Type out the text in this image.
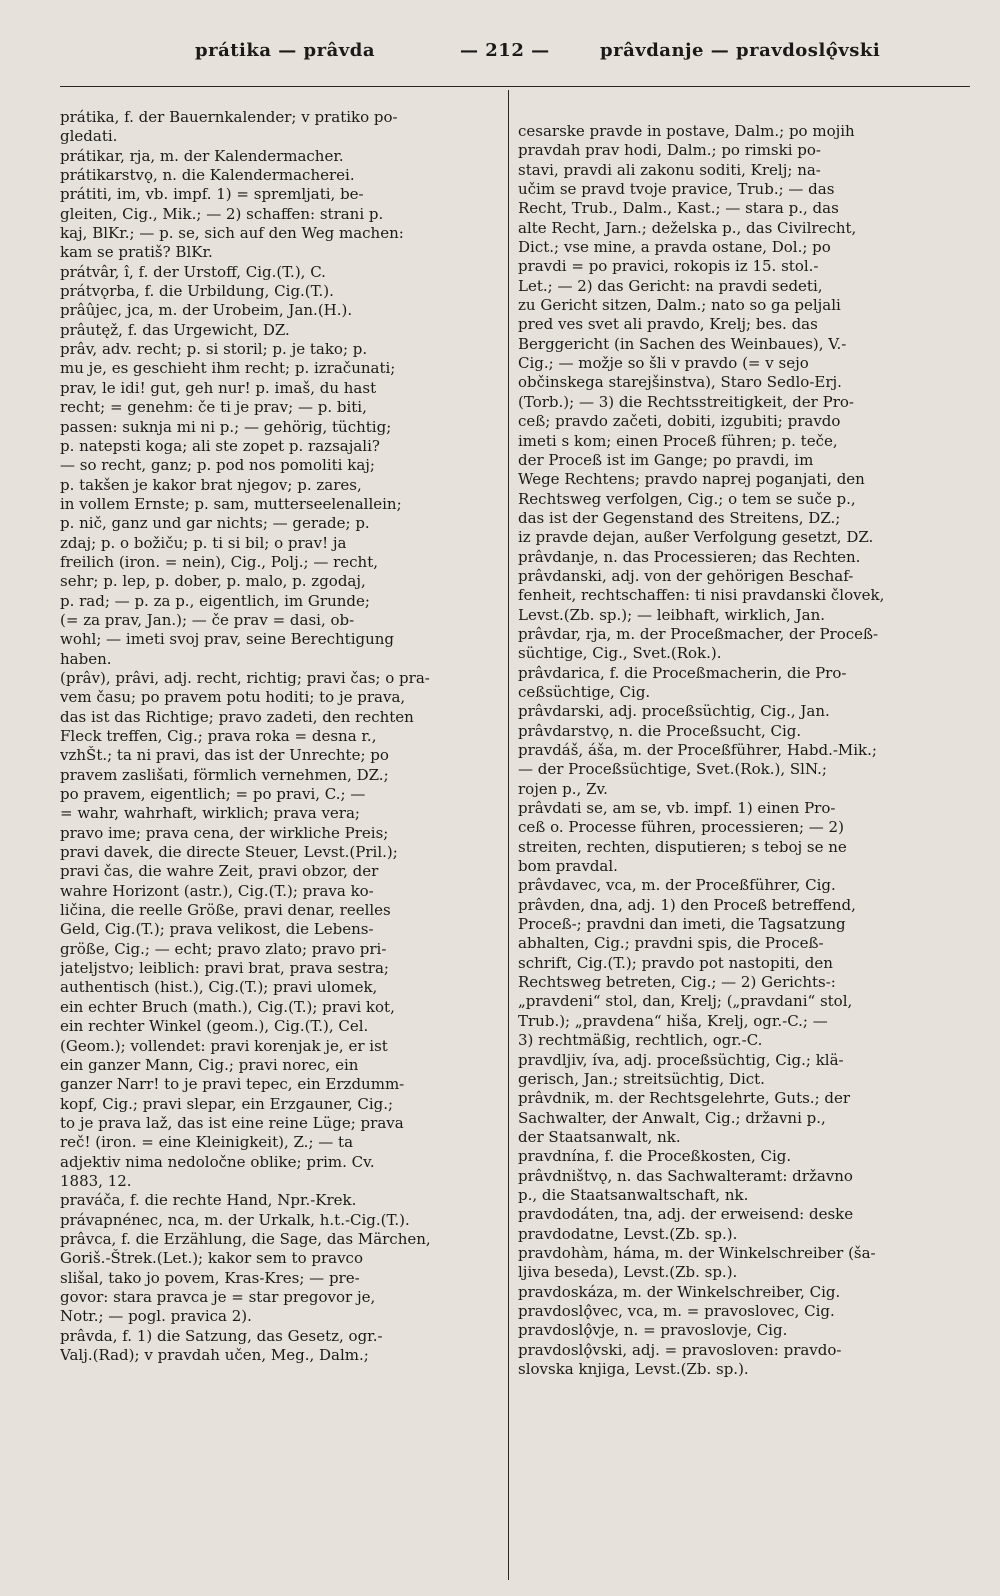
prátika — prâvda	— 212 —	prâvdanje — pravdoslǫ̂vski

prátika, f. der Bauernkalender; v pratiko po-

gledati.

prátikar, rja, m. der Kalendermacher.

prátikarstvǫ, n. die Kalendermacherei.

prátiti, im, vb. impf. 1) = spremljati, be-

gleiten, Cig., Mik.; — 2) schaffen: strani p.

kaj, BlKr.; — p. se, sich auf den Weg machen:

kam se pratiš? BlKr.

prátvâr, î, f. der Urstoff, Cig.(T.), C.

prátvǫrba, f. die Urbildung, Cig.(T.).

prâûjec, jca, m. der Urobeim, Jan.(H.).

prâutęž, f. das Urgewicht, DZ.

prâv, adv. recht; p. si storil; p. je tako; p.

mu je, es geschieht ihm recht; p. izračunati;

prav, le idi! gut, geh nur! p. imaš, du hast

recht; = genehm: če ti je prav; — p. biti,

passen: suknja mi ni p.; — gehörig, tüchtig;

p. natepsti koga; ali ste zopet p. razsajali?

— so recht, ganz; p. pod nos pomoliti kaj;

p. takšen je kakor brat njegov; p. zares,

in vollem Ernste; p. sam, mutterseelenallein;

p. nič, ganz und gar nichts; — gerade; p.

zdaj; p. o božiču; p. ti si bil; o prav! ja

freilich (iron. = nein), Cig., Polj.; — recht,

sehr; p. lep, p. dober, p. malo, p. zgodaj,

p. rad; — p. za p., eigentlich, im Grunde;

(= za prav, Jan.); — če prav = dasi, ob-

wohl; — imeti svoj prav, seine Berechtigung

haben.

(prâv), prâvi, adj. recht, richtig; pravi čas; o pra-

vem času; po pravem potu hoditi; to je prava,

das ist das Richtige; pravo zadeti, den rechten

Fleck treffen, Cig.; prava roka = desna r.,

vzhŠt.; ta ni pravi, das ist der Unrechte; po

pravem zaslišati, förmlich vernehmen, DZ.;

po pravem, eigentlich; = po pravi, C.; —

= wahr, wahrhaft, wirklich; prava vera;

pravo ime; prava cena, der wirkliche Preis;

pravi davek, die directe Steuer, Levst.(Pril.);

pravi čas, die wahre Zeit, pravi obzor, der

wahre Horizont (astr.), Cig.(T.); prava ko-

ličina, die reelle Größe, pravi denar, reelles

Geld, Cig.(T.); prava velikost, die Lebens-

größe, Cig.; — echt; pravo zlato; pravo pri-

jateljstvo; leiblich: pravi brat, prava sestra;

authentisch (hist.), Cig.(T.); pravi ulomek,

ein echter Bruch (math.), Cig.(T.); pravi kot,

ein rechter Winkel (geom.), Cig.(T.), Cel.

(Geom.); vollendet: pravi korenjak je, er ist

ein ganzer Mann, Cig.; pravi norec, ein

ganzer Narr! to je pravi tepec, ein Erzdumm-

kopf, Cig.; pravi slepar, ein Erzgauner, Cig.;

to je prava laž, das ist eine reine Lüge; prava

reč! (iron. = eine Kleinigkeit), Z.; — ta

adjektiv nima nedoločne oblike; prim. Cv.

1883, 12.

praváča, f. die rechte Hand, Npr.-Krek.

právapnénec, nca, m. der Urkalk, h.t.-Cig.(T.).

prâvca, f. die Erzählung, die Sage, das Märchen,

Goriš.-Štrek.(Let.); kakor sem to pravco

slišal, tako jo povem, Kras-Kres; — pre-

govor: stara pravca je = star pregovor je,

Notr.; — pogl. pravica 2).

prâvda, f. 1) die Satzung, das Gesetz, ogr.-

Valj.(Rad); v pravdah učen, Meg., Dalm.;

cesarske pravde in postave, Dalm.; po mojih

pravdah prav hodi, Dalm.; po rimski po-

stavi, pravdi ali zakonu soditi, Krelj; na-

učim se pravd tvoje pravice, Trub.; — das

Recht, Trub., Dalm., Kast.; — stara p., das

alte Recht, Jarn.; deželska p., das Civilrecht,

Dict.; vse mine, a pravda ostane, Dol.; po

pravdi = po pravici, rokopis iz 15. stol.-

Let.; — 2) das Gericht: na pravdi sedeti,

zu Gericht sitzen, Dalm.; nato so ga peljali

pred ves svet ali pravdo, Krelj; bes. das

Berggericht (in Sachen des Weinbaues), V.-

Cig.; — možje so šli v pravdo (= v sejo

občinskega starejšinstva), Staro Sedlo-Erj.

(Torb.); — 3) die Rechtsstreitigkeit, der Pro-

ceß; pravdo začeti, dobiti, izgubiti; pravdo

imeti s kom; einen Proceß führen; p. teče,

der Proceß ist im Gange; po pravdi, im

Wege Rechtens; pravdo naprej poganjati, den

Rechtsweg verfolgen, Cig.; o tem se suče p.,

das ist der Gegenstand des Streitens, DZ.;

iz pravde dejan, außer Verfolgung gesetzt, DZ.

prâvdanje, n. das Processieren; das Rechten.

prâvdanski, adj. von der gehörigen Beschaf-

fenheit, rechtschaffen: ti nisi pravdanski človek,

Levst.(Zb. sp.); — leibhaft, wirklich, Jan.

prâvdar, rja, m. der Proceßmacher, der Proceß-

süchtige, Cig., Svet.(Rok.).

prâvdarica, f. die Proceßmacherin, die Pro-

ceßsüchtige, Cig.

prâvdarski, adj. proceßsüchtig, Cig., Jan.

prâvdarstvǫ, n. die Proceßsucht, Cig.

pravdáš, áša, m. der Proceßführer, Habd.-Mik.;

— der Proceßsüchtige, Svet.(Rok.), SlN.;

rojen p., Zv.

prâvdati se, am se, vb. impf. 1) einen Pro-

ceß o. Processe führen, processieren; — 2)

streiten, rechten, disputieren; s teboj se ne

bom pravdal.

prâvdavec, vca, m. der Proceßführer, Cig.

prâvden, dna, adj. 1) den Proceß betreffend,

Proceß-; pravdni dan imeti, die Tagsatzung

abhalten, Cig.; pravdni spis, die Proceß-

schrift, Cig.(T.); pravdo pot nastopiti, den

Rechtsweg betreten, Cig.; — 2) Gerichts-:

„pravdeni“ stol, dan, Krelj; („pravdani“ stol,

Trub.); „pravdena“ hiša, Krelj, ogr.-C.; —

3) rechtmäßig, rechtlich, ogr.-C.

pravdljiv, íva, adj. proceßsüchtig, Cig.; klä-

gerisch, Jan.; streitsüchtig, Dict.

prâvdnik, m. der Rechtsgelehrte, Guts.; der

Sachwalter, der Anwalt, Cig.; državni p.,

der Staatsanwalt, nk.

pravdnína, f. die Proceßkosten, Cig.

prâvdništvǫ, n. das Sachwalteramt: državno

p., die Staatsanwaltschaft, nk.

pravdodáten, tna, adj. der erweisend: deske

pravdodatne, Levst.(Zb. sp.).

pravdohàm, háma, m. der Winkelschreiber (ša-

ljiva beseda), Levst.(Zb. sp.).

pravdoskáza, m. der Winkelschreiber, Cig.

pravdoslǫ̂vec, vca, m. = pravoslovec, Cig.

pravdoslǫ̂vje, n. = pravoslovje, Cig.

pravdoslǫ̂vski, adj. = pravosloven: pravdo-

slovska knjiga, Levst.(Zb. sp.).
